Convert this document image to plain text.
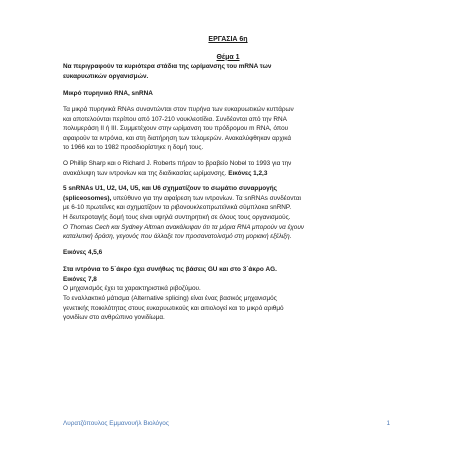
ΕΡΓΑΣΙΑ 6η

Θέμα 1

Να περιγραφούν τα κυριότερα στάδια της ωρίμανσης του mRNA των

ευκαρυωτικών οργανισμών.

Μικρό πυρηνικό RNA, snRNA

Τα μικρά πυρηνικά RNAs συναντώνται στον πυρήνα των ευκαρυωτικών κυττάρων

και αποτελούνται περίπου από 107-210 νουκλεοτίδια. Συνδέονται από την RNA

πολυμεράση II ή III. Συμμετέχουν στην ωρίμανση του πρόδρομου m RNA, όπου

αφαιρούν τα ιντρόνια, και στη διατήρηση των τελομερών. Ανακαλύφθηκαν αρχικά

το 1966 και το 1982 προσδιορίστηκε η δομή τους.

Ο Phillip Sharp και ο Richard J. Roberts πήραν το βραβείο Nobel το 1993 για την

ανακάλυψη των ιντρονίων και της διαδικασίας ωρίμανσης. Εικόνες 1,2,3

5 snRNAs U1, U2, U4, U5, και U6 σχηματίζουν το σωμάτιο συναρμογής

(spliceosomes), υπεύθυνο για την αφαίρεση των ιντρονίων. Τα snRNAs συνδέονται

με 6-10 πρωτεΐνες και σχηματίζουν τα ριβονουκλεοπρωτεϊνικά σύμπλοκα snRNP.

Η δευτεροταγής δομή τους είναι υψηλά συντηρητική σε όλους τους οργανισμούς.

O Thomas Cech και Sydney Altman ανακάλυψαν ότι τα μόρια RNA μπορούν να έχουν

καταλυτική δράση, γεγονός που άλλαξε τον προσανατολισμό στη μοριακή εξέλιξη.

Εικόνες 4,5,6

Στα ιντρόνια το 5΄άκρο έχει συνήθως τις βάσεις GU και στο 3΄άκρο AG.

Εικόνες 7,8

Ο μηχανισμός έχει τα χαρακτηριστικά ριβοζύμου.

Το εναλλακτικό μάτισμα (Alternative splicing) είναι ένας βασικός μηχανισμός

γενετικής ποικιλότητας στους ευκαρυωτικούς και αιτιολογεί και το μικρό αριθμό

γονιδίων στο ανθρώπινο γονιδίωμα.

Λυρατζόπουλος Εμμανουήλ Βιολόγος	1
